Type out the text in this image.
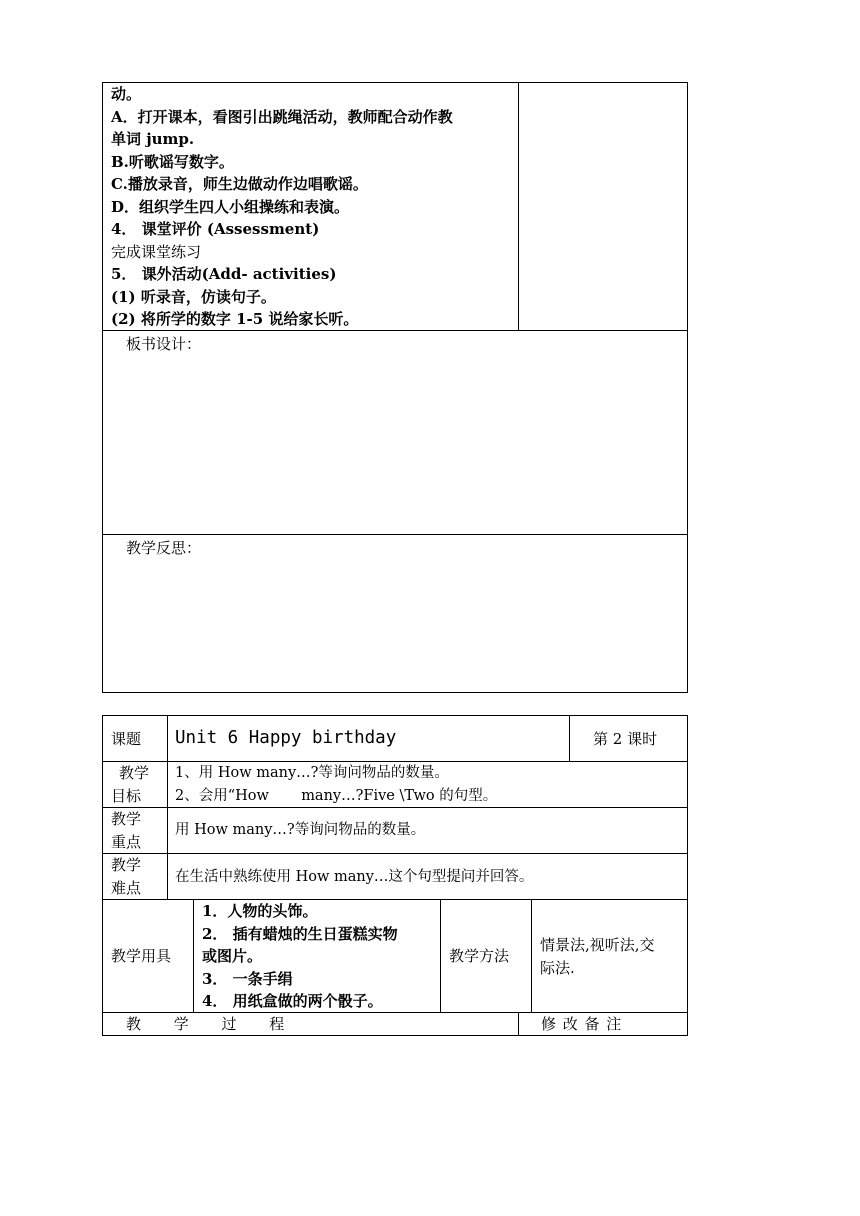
动。
A．打开课本，看图引出跳绳活动，教师配合动作教
单词 jump.
B.听歌谣写数字。
C.播放录音，师生边做动作边唱歌谣。
D．组织学生四人小组操练和表演。
4． 课堂评价 (Assessment)
完成课堂练习
5． 课外活动(Add- activities)
(1) 听录音，仿读句子。
(2) 将所学的数字 1-5 说给家长听。
板书设计：
教学反思：
课题 Unit 6 Happy birthday	第 2 课时
教学
目标
1、用 How many…?等询问物品的数量。
2、会用“How       many…?Five \Two 的句型。
教学
重点
用 How many…?等询问物品的数量。
教学
难点
在生活中熟练使用 How many…这个句型提问并回答。
教学用具
1．人物的头饰。
2． 插有蜡烛的生日蛋糕实物
或图片。
3． 一条手绢
4． 用纸盒做的两个骰子。
教学方法
情景法,视听法,交
际法.
教 学 过 程	修 改 备 注
